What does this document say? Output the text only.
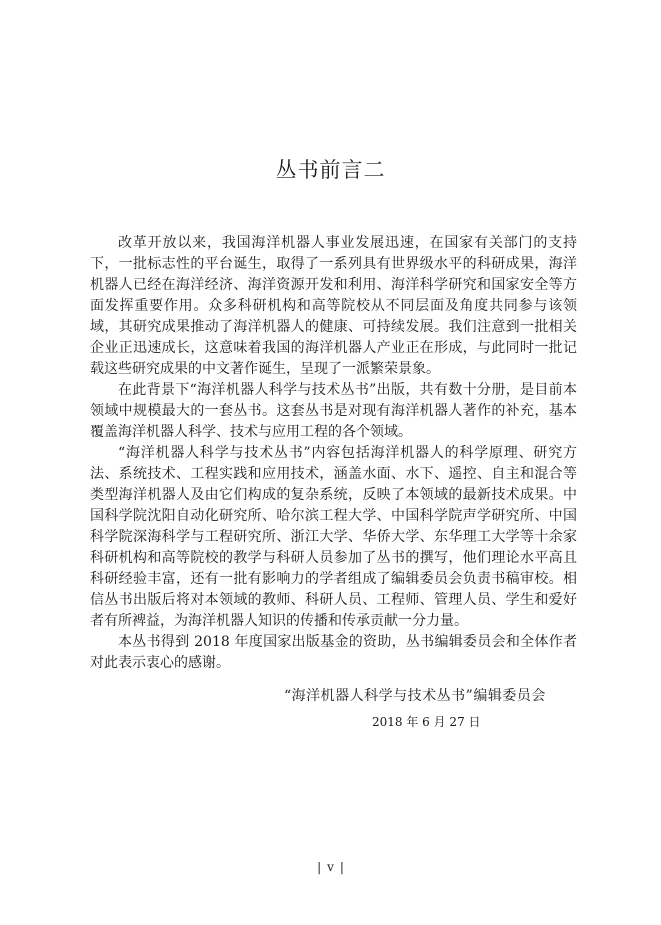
丛书前言二

改革开放以来，我国海洋机器人事业发展迅速，在国家有关部门的支持下，一批标志性的平台诞生，取得了一系列具有世界级水平的科研成果，海洋机器人已经在海洋经济、海洋资源开发和利用、海洋科学研究和国家安全等方面发挥重要作用。众多科研机构和高等院校从不同层面及角度共同参与该领域，其研究成果推动了海洋机器人的健康、可持续发展。我们注意到一批相关企业正迅速成长，这意味着我国的海洋机器人产业正在形成，与此同时一批记载这些研究成果的中文著作诞生，呈现了一派繁荣景象。

在此背景下“海洋机器人科学与技术丛书”出版，共有数十分册，是目前本领域中规模最大的一套丛书。这套丛书是对现有海洋机器人著作的补充，基本覆盖海洋机器人科学、技术与应用工程的各个领域。

“海洋机器人科学与技术丛书”内容包括海洋机器人的科学原理、研究方法、系统技术、工程实践和应用技术，涵盖水面、水下、遥控、自主和混合等类型海洋机器人及由它们构成的复杂系统，反映了本领域的最新技术成果。中国科学院沈阳自动化研究所、哈尔滨工程大学、中国科学院声学研究所、中国科学院深海科学与工程研究所、浙江大学、华侨大学、东华理工大学等十余家科研机构和高等院校的教学与科研人员参加了丛书的撰写，他们理论水平高且科研经验丰富，还有一批有影响力的学者组成了编辑委员会负责书稿审校。相信丛书出版后将对本领域的教师、科研人员、工程师、管理人员、学生和爱好者有所裨益，为海洋机器人知识的传播和传承贡献一分力量。

本丛书得到 2018 年度国家出版基金的资助，丛书编辑委员会和全体作者对此表示衷心的感谢。

“海洋机器人科学与技术丛书”编辑委员会
2018 年 6 月 27 日
| v |
